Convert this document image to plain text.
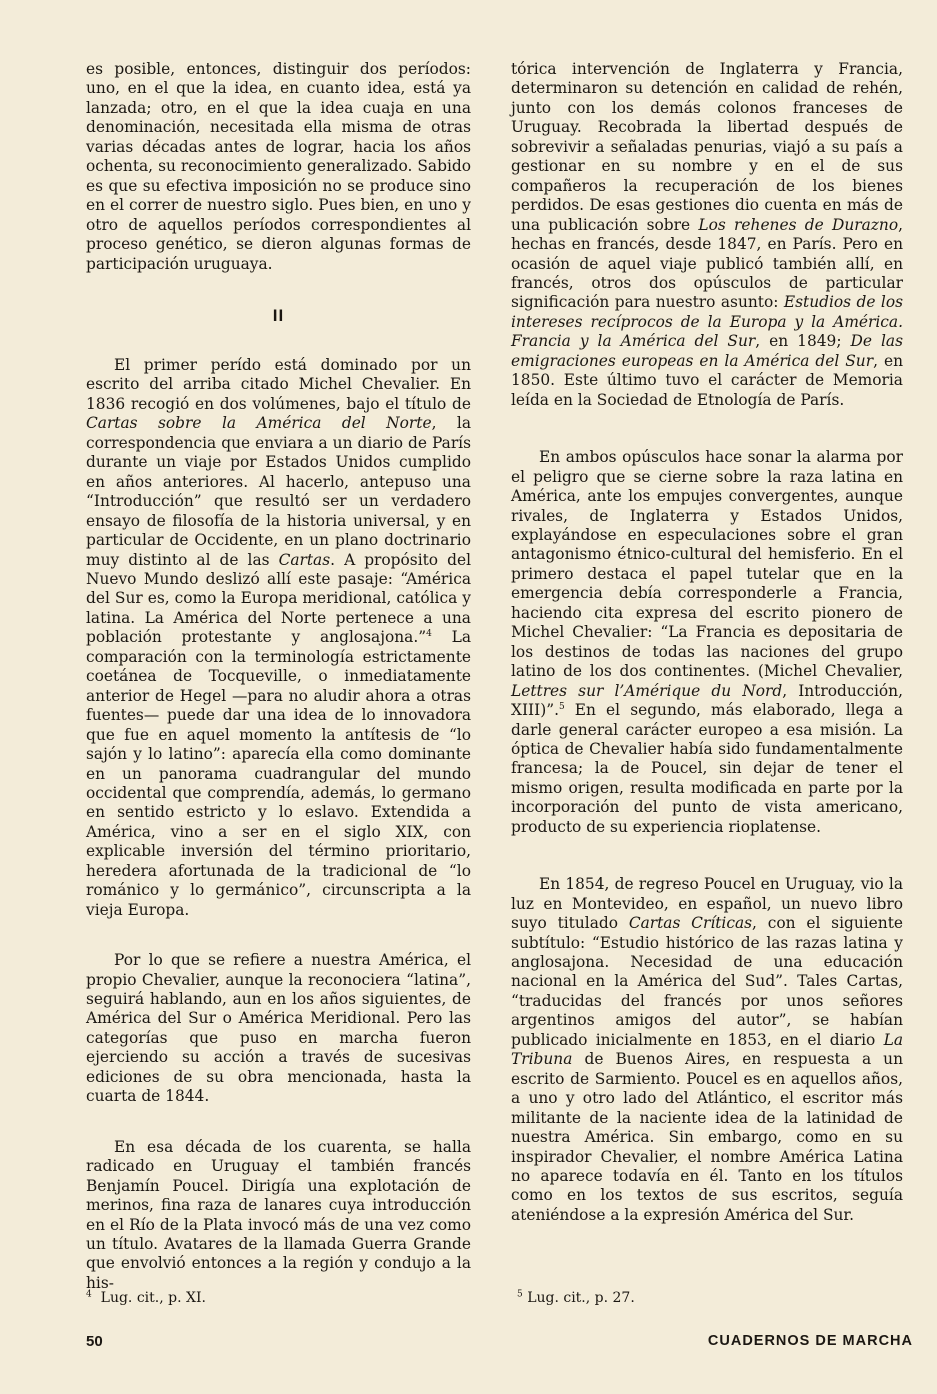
es posible, entonces, distinguir dos períodos: uno, en el que la idea, en cuanto idea, está ya lanzada; otro, en el que la idea cuaja en una denominación, necesitada ella misma de otras varias décadas antes de lograr, hacia los años ochenta, su reconocimiento generalizado. Sabido es que su efectiva imposición no se produce sino en el correr de nuestro siglo. Pues bien, en uno y otro de aquellos períodos correspondientes al proceso genético, se dieron algunas formas de participación uruguaya.

II

El primer perído está dominado por un escrito del arriba citado Michel Chevalier. En 1836 recogió en dos volúmenes, bajo el título de Cartas sobre la América del Norte, la correspondencia que enviara a un diario de París durante un viaje por Estados Unidos cumplido en años anteriores. Al hacerlo, antepuso una “Introducción” que resultó ser un verdadero ensayo de filosofía de la historia universal, y en particular de Occidente, en un plano doctrinario muy distinto al de las Cartas. A propósito del Nuevo Mundo deslizó allí este pasaje: “América del Sur es, como la Europa meridional, católica y latina. La América del Norte pertenece a una población protestante y anglosajona.”$^4$ La comparación con la terminología estrictamente coetánea de Tocqueville, o inmediatamente anterior de Hegel —para no aludir ahora a otras fuentes— puede dar una idea de lo innovadora que fue en aquel momento la antítesis de “lo sajón y lo latino”: aparecía ella como dominante en un panorama cuadrangular del mundo occidental que comprendía, además, lo germano en sentido estricto y lo eslavo. Extendida a América, vino a ser en el siglo XIX, con explicable inversión del término prioritario, heredera afortunada de la tradicional de “lo románico y lo germánico”, circunscripta a la vieja Europa.

Por lo que se refiere a nuestra América, el propio Chevalier, aunque la reconociera “latina”, seguirá hablando, aun en los años siguientes, de América del Sur o América Meridional. Pero las categorías que puso en marcha fueron ejerciendo su acción a través de sucesivas ediciones de su obra mencionada, hasta la cuarta de 1844.

En esa década de los cuarenta, se halla radicado en Uruguay el también francés Benjamín Poucel. Dirigía una explotación de merinos, fina raza de lanares cuya introducción en el Río de la Plata invocó más de una vez como un título. Avatares de la llamada Guerra Grande que envolvió entonces a la región y condujo a la his-

tórica intervención de Inglaterra y Francia, determinaron su detención en calidad de rehén, junto con los demás colonos franceses de Uruguay. Recobrada la libertad después de sobrevivir a señaladas penurias, viajó a su país a gestionar en su nombre y en el de sus compañeros la recuperación de los bienes perdidos. De esas gestiones dio cuenta en más de una publicación sobre Los rehenes de Durazno, hechas en francés, desde 1847, en París. Pero en ocasión de aquel viaje publicó también allí, en francés, otros dos opúsculos de particular significación para nuestro asunto: Estudios de los intereses recíprocos de la Europa y la América. Francia y la América del Sur, en 1849; De las emigraciones europeas en la América del Sur, en 1850. Este último tuvo el carácter de Memoria leída en la Sociedad de Etnología de París.

En ambos opúsculos hace sonar la alarma por el peligro que se cierne sobre la raza latina en América, ante los empujes convergentes, aunque rivales, de Inglaterra y Estados Unidos, explayándose en especulaciones sobre el gran antagonismo étnico-cultural del hemisferio. En el primero destaca el papel tutelar que en la emergencia debía corresponderle a Francia, haciendo cita expresa del escrito pionero de Michel Chevalier: “La Francia es depositaria de los destinos de todas las naciones del grupo latino de los dos continentes. (Michel Chevalier, Lettres sur l’Amérique du Nord, Introducción, XIII)”.$^5$ En el segundo, más elaborado, llega a darle general carácter europeo a esa misión. La óptica de Chevalier había sido fundamentalmente francesa; la de Poucel, sin dejar de tener el mismo origen, resulta modificada en parte por la incorporación del punto de vista americano, producto de su experiencia rioplatense.

En 1854, de regreso Poucel en Uruguay, vio la luz en Montevideo, en español, un nuevo libro suyo titulado Cartas Críticas, con el siguiente subtítulo: “Estudio histórico de las razas latina y anglosajona. Necesidad de una educación nacional en la América del Sud”. Tales Cartas, “traducidas del francés por unos señores argentinos amigos del autor”, se habían publicado inicialmente en 1853, en el diario La Tribuna de Buenos Aires, en respuesta a un escrito de Sarmiento. Poucel es en aquellos años, a uno y otro lado del Atlántico, el escritor más militante de la naciente idea de la latinidad de nuestra América. Sin embargo, como en su inspirador Chevalier, el nombre América Latina no aparece todavía en él. Tanto en los títulos como en los textos de sus escritos, seguía ateniéndose a la expresión América del Sur.

$^4$ Lug. cit., p. XI.	$^5$ Lug. cit., p. 27.
50	CUADERNOS DE MARCHA
